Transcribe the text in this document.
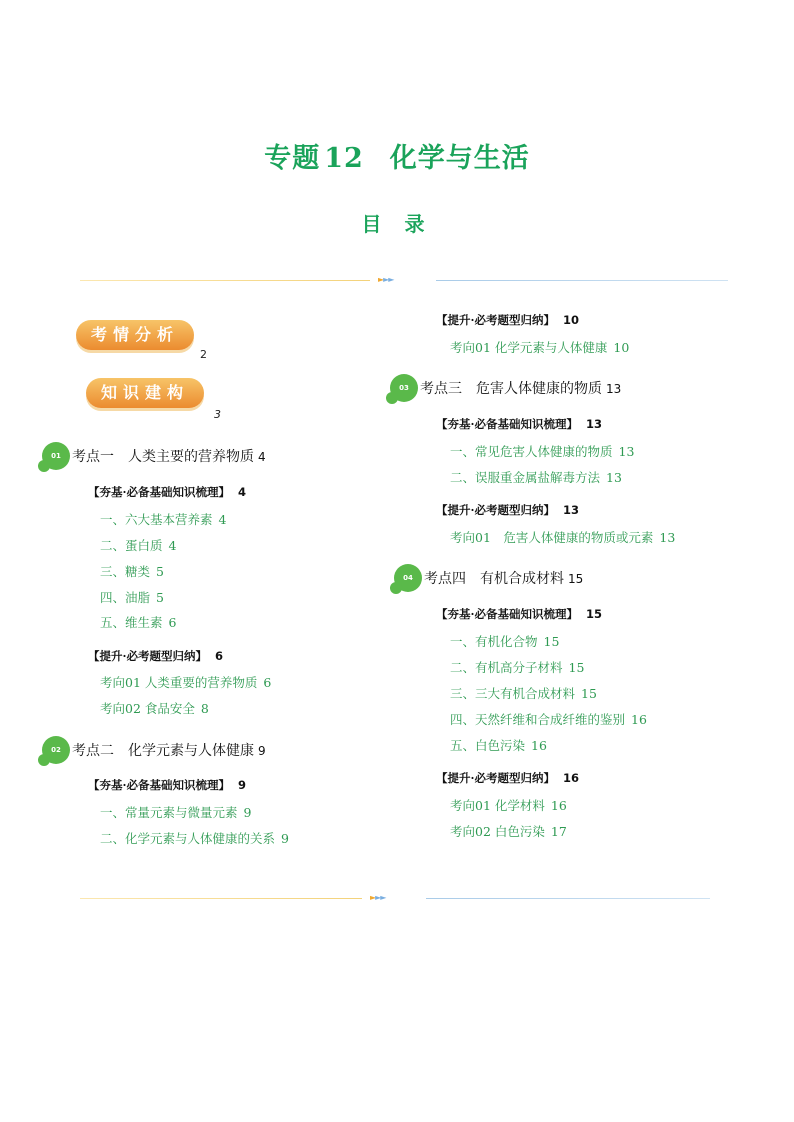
专题 12 化学与生活
目 录
►►►
考情分析
2
知识建构
3
01 考点一　人类主要的营养物质 4
【夯基·必备基础知识梳理】 4
一、六大基本营养素 4
二、蛋白质 4
三、糖类 5
四、油脂 5
五、维生素 6
【提升·必考题型归纳】 6
考向01 人类重要的营养物质 6
考向02 食品安全 8
02 考点二　化学元素与人体健康 9
【夯基·必备基础知识梳理】 9
一、常量元素与微量元素 9
二、化学元素与人体健康的关系 9
【提升·必考题型归纳】 10
考向01 化学元素与人体健康 10
03 考点三　危害人体健康的物质 13
【夯基·必备基础知识梳理】 13
一、常见危害人体健康的物质 13
二、误服重金属盐解毒方法 13
【提升·必考题型归纳】 13
考向01　危害人体健康的物质或元素 13
04 考点四　有机合成材料 15
【夯基·必备基础知识梳理】 15
一、有机化合物 15
二、有机高分子材料 15
三、三大有机合成材料 15
四、天然纤维和合成纤维的鉴别 16
五、白色污染 16
【提升·必考题型归纳】 16
考向01 化学材料 16
考向02 白色污染 17
►►►
